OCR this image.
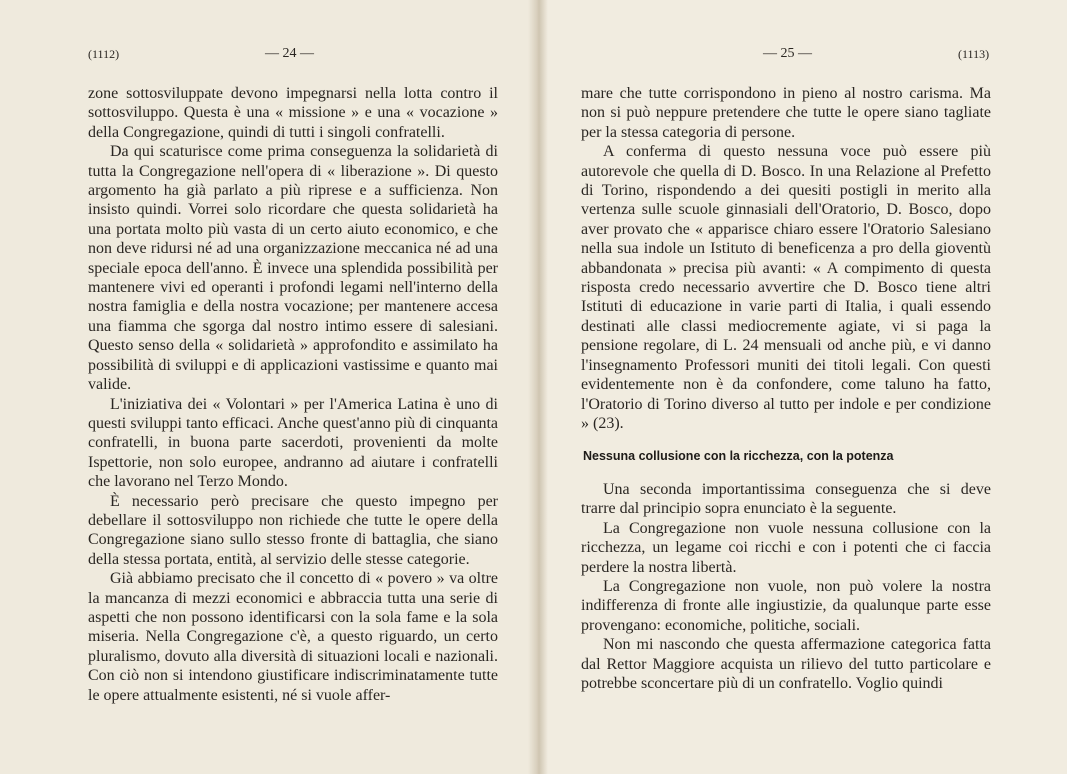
(1112)	— 24 —

zone sottosviluppate devono impegnarsi nella lotta contro il sottosviluppo. Questa è una « missione » e una « vocazione » della Congregazione, quindi di tutti i singoli confratelli.

Da qui scaturisce come prima conseguenza la solidarietà di tutta la Congregazione nell'opera di « liberazione ». Di questo argomento ha già parlato a più riprese e a sufficienza. Non insisto quindi. Vorrei solo ricordare che questa solidarietà ha una portata molto più vasta di un certo aiuto economico, e che non deve ridursi né ad una organizzazione meccanica né ad una speciale epoca dell'anno. È invece una splendida possibilità per mantenere vivi ed operanti i profondi legami nell'interno della nostra famiglia e della nostra vocazione; per mantenere accesa una fiamma che sgorga dal nostro intimo essere di salesiani. Questo senso della « solidarietà » approfondito e assimilato ha possibilità di sviluppi e di applicazioni vastissime e quanto mai valide.

L'iniziativa dei « Volontari » per l'America Latina è uno di questi sviluppi tanto efficaci. Anche quest'anno più di cinquanta confratelli, in buona parte sacerdoti, provenienti da molte Ispettorie, non solo europee, andranno ad aiutare i confratelli che lavorano nel Terzo Mondo.

È necessario però precisare che questo impegno per debellare il sottosviluppo non richiede che tutte le opere della Congregazione siano sullo stesso fronte di battaglia, che siano della stessa portata, entità, al servizio delle stesse categorie.

Già abbiamo precisato che il concetto di « povero » va oltre la mancanza di mezzi economici e abbraccia tutta una serie di aspetti che non possono identificarsi con la sola fame e la sola miseria. Nella Congregazione c'è, a questo riguardo, un certo pluralismo, dovuto alla diversità di situazioni locali e nazionali. Con ciò non si intendono giustificare indiscriminatamente tutte le opere attualmente esistenti, né si vuole affer-

— 25 —	(1113)

mare che tutte corrispondono in pieno al nostro carisma. Ma non si può neppure pretendere che tutte le opere siano tagliate per la stessa categoria di persone.

A conferma di questo nessuna voce può essere più autorevole che quella di D. Bosco. In una Relazione al Prefetto di Torino, rispondendo a dei quesiti postigli in merito alla vertenza sulle scuole ginnasiali dell'Oratorio, D. Bosco, dopo aver provato che « apparisce chiaro essere l'Oratorio Salesiano nella sua indole un Istituto di beneficenza a pro della gioventù abbandonata » precisa più avanti: « A compimento di questa risposta credo necessario avvertire che D. Bosco tiene altri Istituti di educazione in varie parti di Italia, i quali essendo destinati alle classi mediocremente agiate, vi si paga la pensione regolare, di L. 24 mensuali od anche più, e vi danno l'insegnamento Professori muniti dei titoli legali. Con questi evidentemente non è da confondere, come taluno ha fatto, l'Oratorio di Torino diverso al tutto per indole e per condizione » (23).

Nessuna collusione con la ricchezza, con la potenza

Una seconda importantissima conseguenza che si deve trarre dal principio sopra enunciato è la seguente.

La Congregazione non vuole nessuna collusione con la ricchezza, un legame coi ricchi e con i potenti che ci faccia perdere la nostra libertà.

La Congregazione non vuole, non può volere la nostra indifferenza di fronte alle ingiustizie, da qualunque parte esse provengano: economiche, politiche, sociali.

Non mi nascondo che questa affermazione categorica fatta dal Rettor Maggiore acquista un rilievo del tutto particolare e potrebbe sconcertare più di un confratello. Voglio quindi
